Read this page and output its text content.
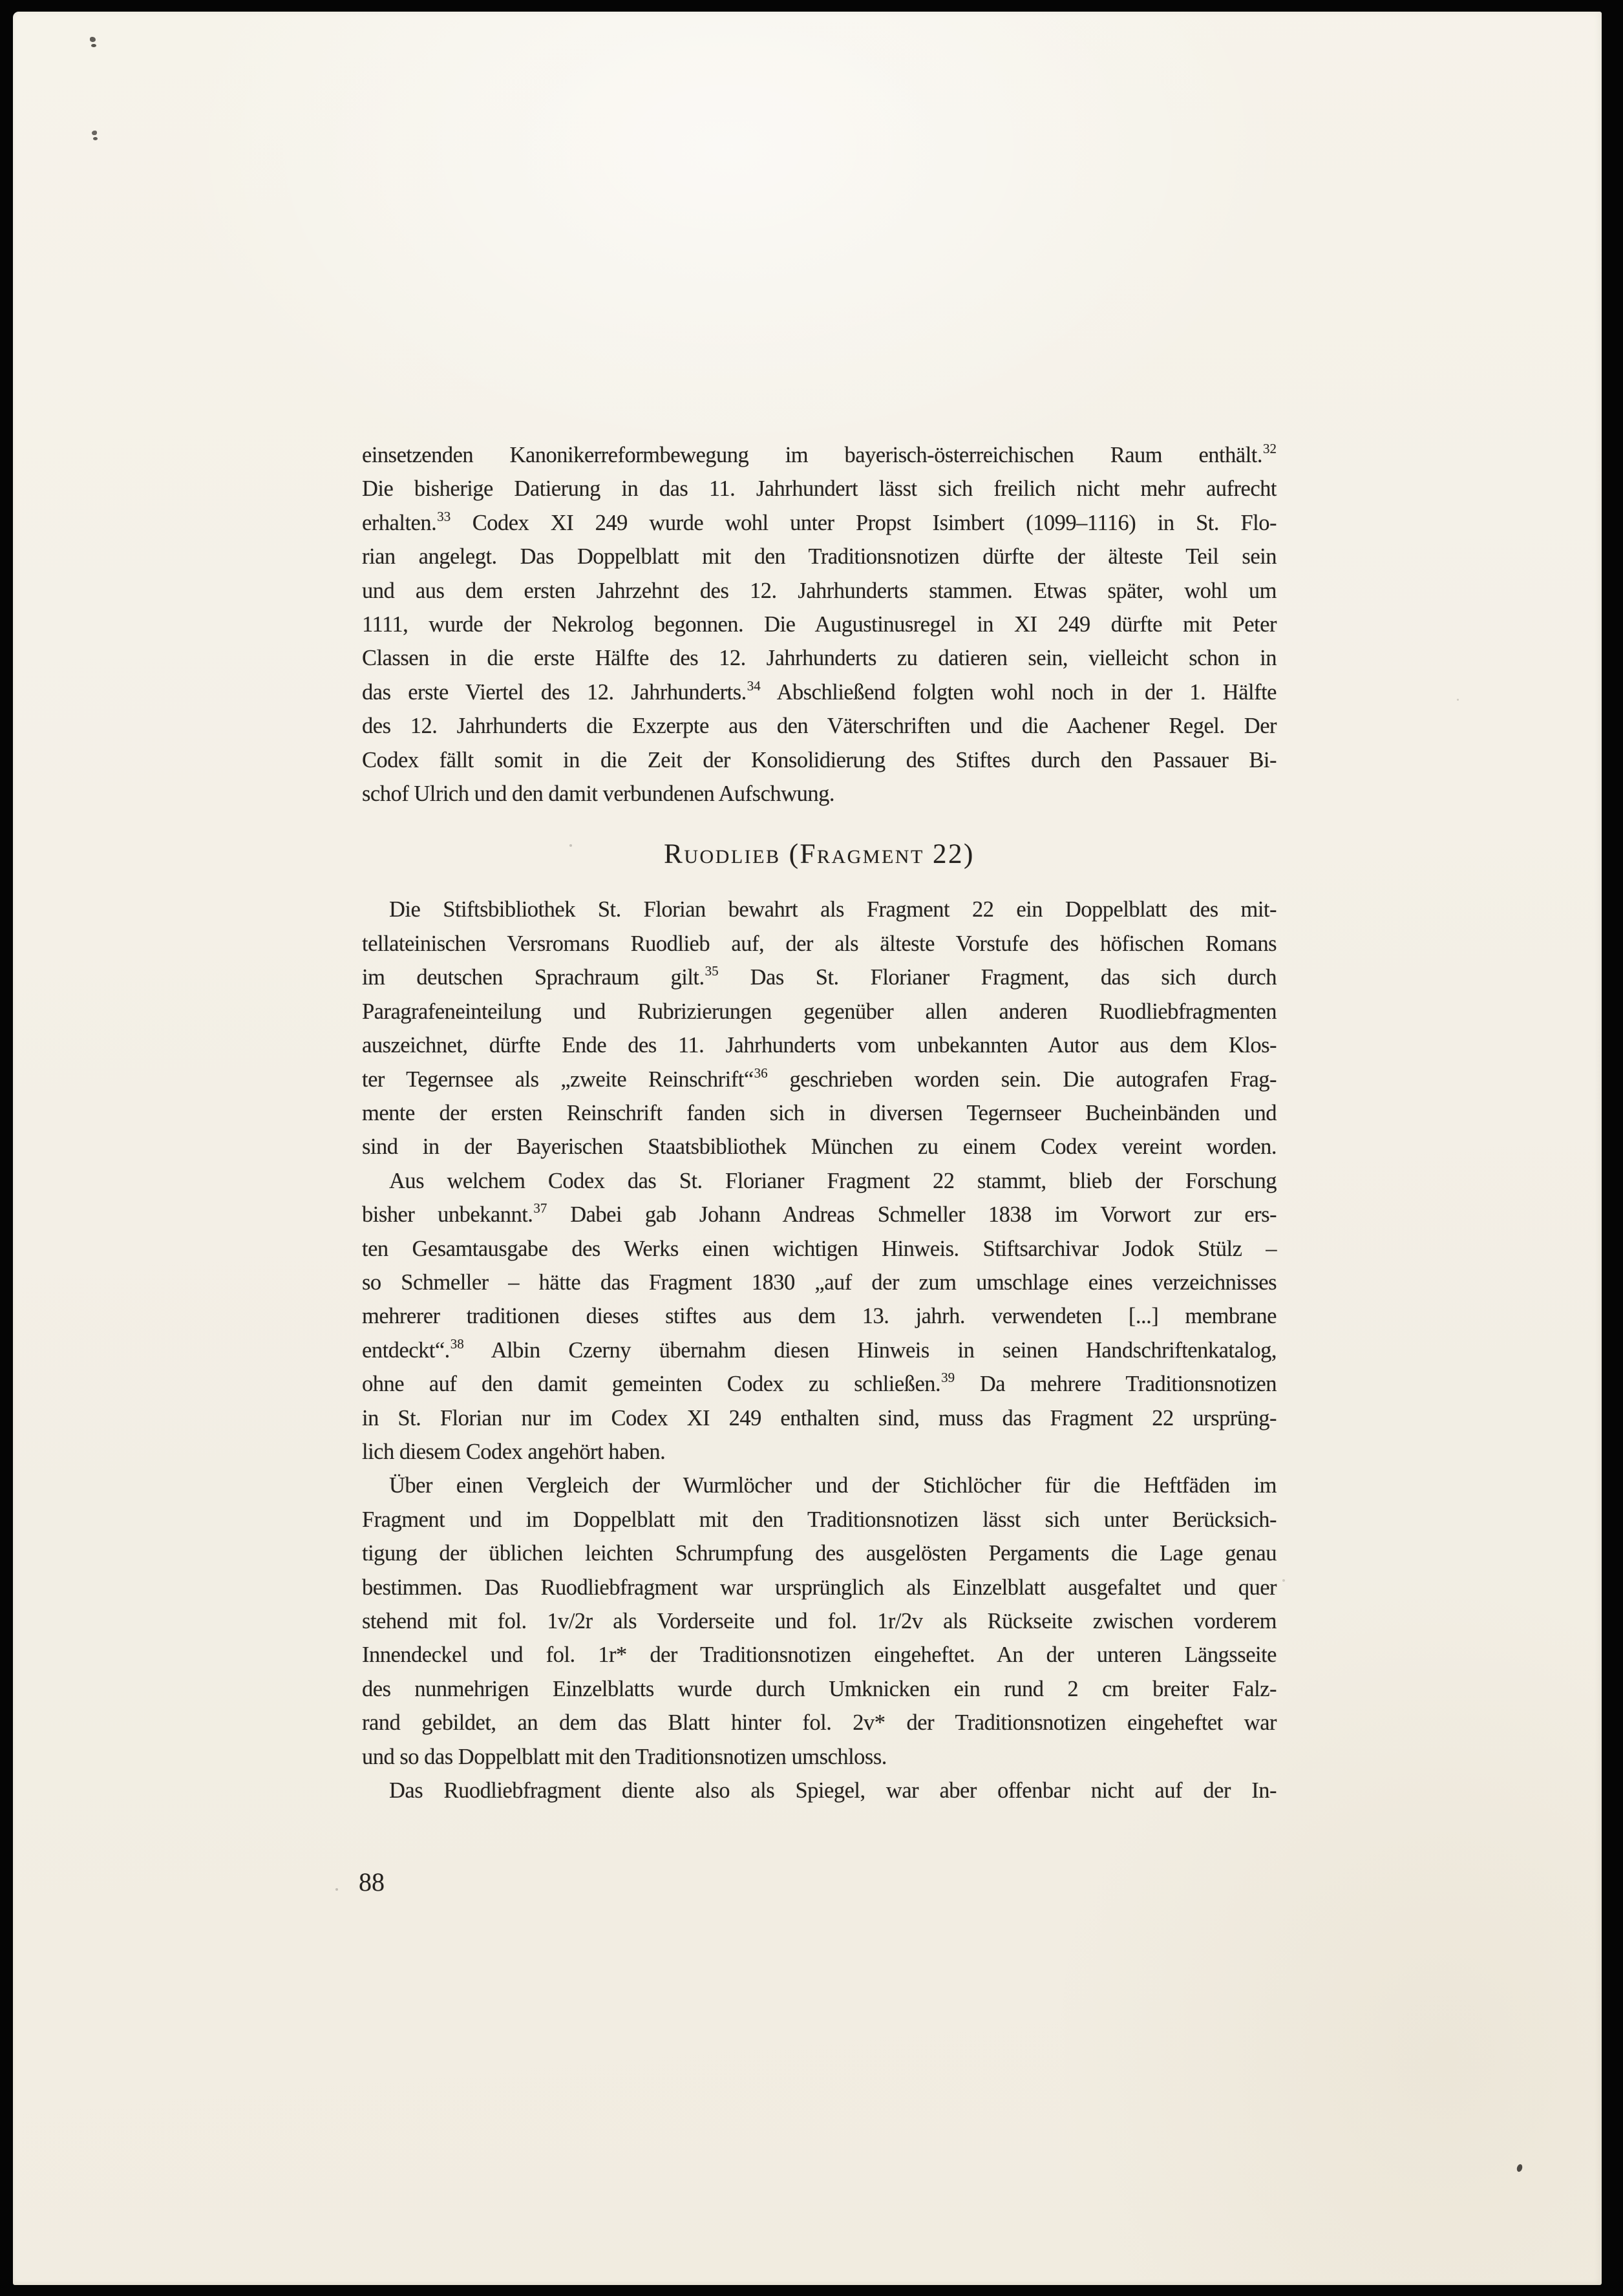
einsetzenden Kanonikerreformbewegung im bayerisch-österreichischen Raum enthält.$^{32}$
Die bisherige Datierung in das 11. Jahrhundert lässt sich freilich nicht mehr aufrecht
erhalten.$^{33}$ Codex XI 249 wurde wohl unter Propst Isimbert (1099–1116) in St. Flo-
rian angelegt. Das Doppelblatt mit den Traditionsnotizen dürfte der älteste Teil sein
und aus dem ersten Jahrzehnt des 12. Jahrhunderts stammen. Etwas später, wohl um
1111, wurde der Nekrolog begonnen. Die Augustinusregel in XI 249 dürfte mit Peter
Classen in die erste Hälfte des 12. Jahrhunderts zu datieren sein, vielleicht schon in
das erste Viertel des 12. Jahrhunderts.$^{34}$ Abschließend folgten wohl noch in der 1. Hälfte
des 12. Jahrhunderts die Exzerpte aus den Väterschriften und die Aachener Regel. Der
Codex fällt somit in die Zeit der Konsolidierung des Stiftes durch den Passauer Bi-
schof Ulrich und den damit verbundenen Aufschwung.
Ruodlieb (Fragment 22)
Die Stiftsbibliothek St. Florian bewahrt als Fragment 22 ein Doppelblatt des mit-
tellateinischen Versromans Ruodlieb auf, der als älteste Vorstufe des höfischen Romans
im deutschen Sprachraum gilt.$^{35}$ Das St. Florianer Fragment, das sich durch
Paragrafeneinteilung und Rubrizierungen gegenüber allen anderen Ruodliebfragmenten
auszeichnet, dürfte Ende des 11. Jahrhunderts vom unbekannten Autor aus dem Klos-
ter Tegernsee als „zweite Reinschrift“$^{36}$ geschrieben worden sein. Die autografen Frag-
mente der ersten Reinschrift fanden sich in diversen Tegernseer Bucheinbänden und
sind in der Bayerischen Staatsbibliothek München zu einem Codex vereint worden.
Aus welchem Codex das St. Florianer Fragment 22 stammt, blieb der Forschung
bisher unbekannt.$^{37}$ Dabei gab Johann Andreas Schmeller 1838 im Vorwort zur ers-
ten Gesamtausgabe des Werks einen wichtigen Hinweis. Stiftsarchivar Jodok Stülz –
so Schmeller – hätte das Fragment 1830 „auf der zum umschlage eines verzeichnisses
mehrerer traditionen dieses stiftes aus dem 13. jahrh. verwendeten [...] membrane
entdeckt“.$^{38}$ Albin Czerny übernahm diesen Hinweis in seinen Handschriftenkatalog,
ohne auf den damit gemeinten Codex zu schließen.$^{39}$ Da mehrere Traditionsnotizen
in St. Florian nur im Codex XI 249 enthalten sind, muss das Fragment 22 ursprüng-
lich diesem Codex angehört haben.
Über einen Vergleich der Wurmlöcher und der Stichlöcher für die Heftfäden im
Fragment und im Doppelblatt mit den Traditionsnotizen lässt sich unter Berücksich-
tigung der üblichen leichten Schrumpfung des ausgelösten Pergaments die Lage genau
bestimmen. Das Ruodliebfragment war ursprünglich als Einzelblatt ausgefaltet und quer
stehend mit fol. 1v/2r als Vorderseite und fol. 1r/2v als Rückseite zwischen vorderem
Innendeckel und fol. 1r* der Traditionsnotizen eingeheftet. An der unteren Längsseite
des nunmehrigen Einzelblatts wurde durch Umknicken ein rund 2 cm breiter Falz-
rand gebildet, an dem das Blatt hinter fol. 2v* der Traditionsnotizen eingeheftet war
und so das Doppelblatt mit den Traditionsnotizen umschloss.
Das Ruodliebfragment diente also als Spiegel, war aber offenbar nicht auf der In-
88
